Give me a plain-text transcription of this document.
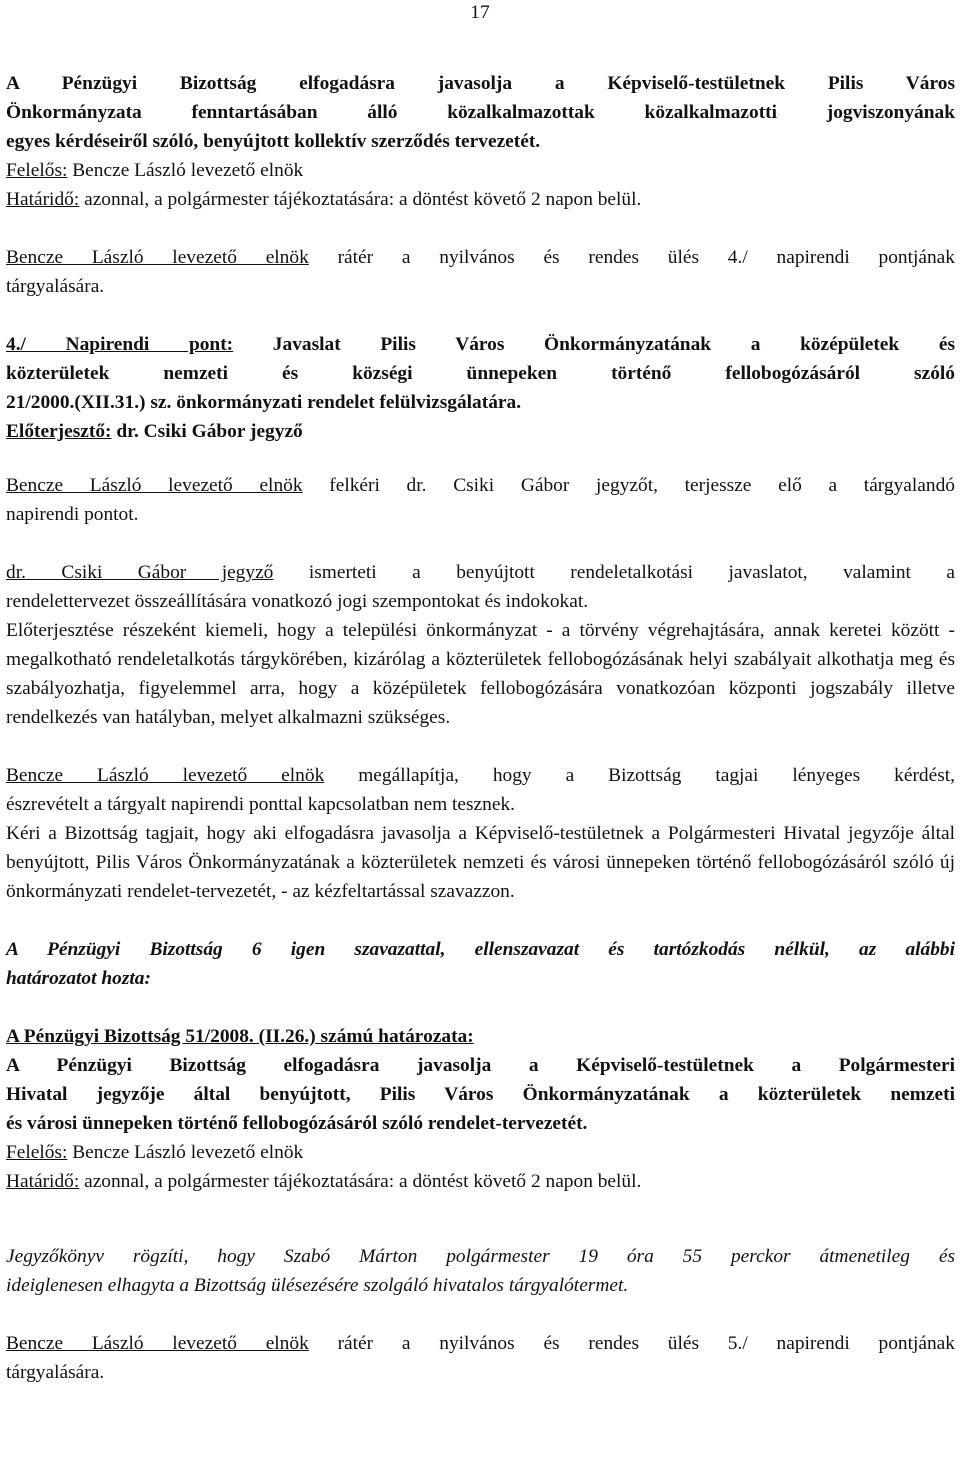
17
A Pénzügyi Bizottság elfogadásra javasolja a Képviselő-testületnek Pilis Város
Önkormányzata fenntartásában álló közalkalmazottak közalkalmazotti jogviszonyának
egyes kérdéseiről szóló, benyújtott kollektív szerződés tervezetét.
Felelős: Bencze László levezető elnök
Határidő: azonnal, a polgármester tájékoztatására: a döntést követő 2 napon belül.
Bencze László levezető elnök rátér a nyilvános és rendes ülés 4./ napirendi pontjának
tárgyalására.
4./ Napirendi pont: Javaslat Pilis Város Önkormányzatának a középületek és
közterületek nemzeti és községi ünnepeken történő fellobogózásáról szóló
21/2000.(XII.31.) sz. önkormányzati rendelet felülvizsgálatára.
Előterjesztő: dr. Csiki Gábor jegyző
Bencze László levezető elnök felkéri dr. Csiki Gábor jegyzőt, terjessze elő a tárgyalandó
napirendi pontot.
dr. Csiki Gábor jegyző ismerteti a benyújtott rendeletalkotási javaslatot, valamint a
rendelettervezet összeállítására vonatkozó jogi szempontokat és indokokat.

Előterjesztése részeként kiemeli, hogy a települési önkormányzat - a törvény végrehajtására, annak keretei között - megalkotható rendeletalkotás tárgykörében, kizárólag a közterületek fellobogózásának helyi szabályait alkothatja meg és szabályozhatja, figyelemmel arra, hogy a középületek fellobogózására vonatkozóan központi jogszabály illetve rendelkezés van hatályban, melyet alkalmazni szükséges.

Bencze László levezető elnök megállapítja, hogy a Bizottság tagjai lényeges kérdést,
észrevételt a tárgyalt napirendi ponttal kapcsolatban nem tesznek.

Kéri a Bizottság tagjait, hogy aki elfogadásra javasolja a Képviselő-testületnek a Polgármesteri Hivatal jegyzője által benyújtott, Pilis Város Önkormányzatának a közterületek nemzeti és városi ünnepeken történő fellobogózásáról szóló új önkormányzati rendelet-tervezetét, - az kézfeltartással szavazzon.

A Pénzügyi Bizottság 6 igen szavazattal, ellenszavazat és tartózkodás nélkül, az alábbi
határozatot hozta:
A Pénzügyi Bizottság 51/2008. (II.26.) számú határozata:
A Pénzügyi Bizottság elfogadásra javasolja a Képviselő-testületnek a Polgármesteri
Hivatal jegyzője által benyújtott, Pilis Város Önkormányzatának a közterületek nemzeti
és városi ünnepeken történő fellobogózásáról szóló rendelet-tervezetét.
Felelős: Bencze László levezető elnök
Határidő: azonnal, a polgármester tájékoztatására: a döntést követő 2 napon belül.
Jegyzőkönyv rögzíti, hogy Szabó Márton polgármester 19 óra 55 perckor átmenetileg és
ideiglenesen elhagyta a Bizottság ülésezésére szolgáló hivatalos tárgyalótermet.
Bencze László levezető elnök rátér a nyilvános és rendes ülés 5./ napirendi pontjának
tárgyalására.
